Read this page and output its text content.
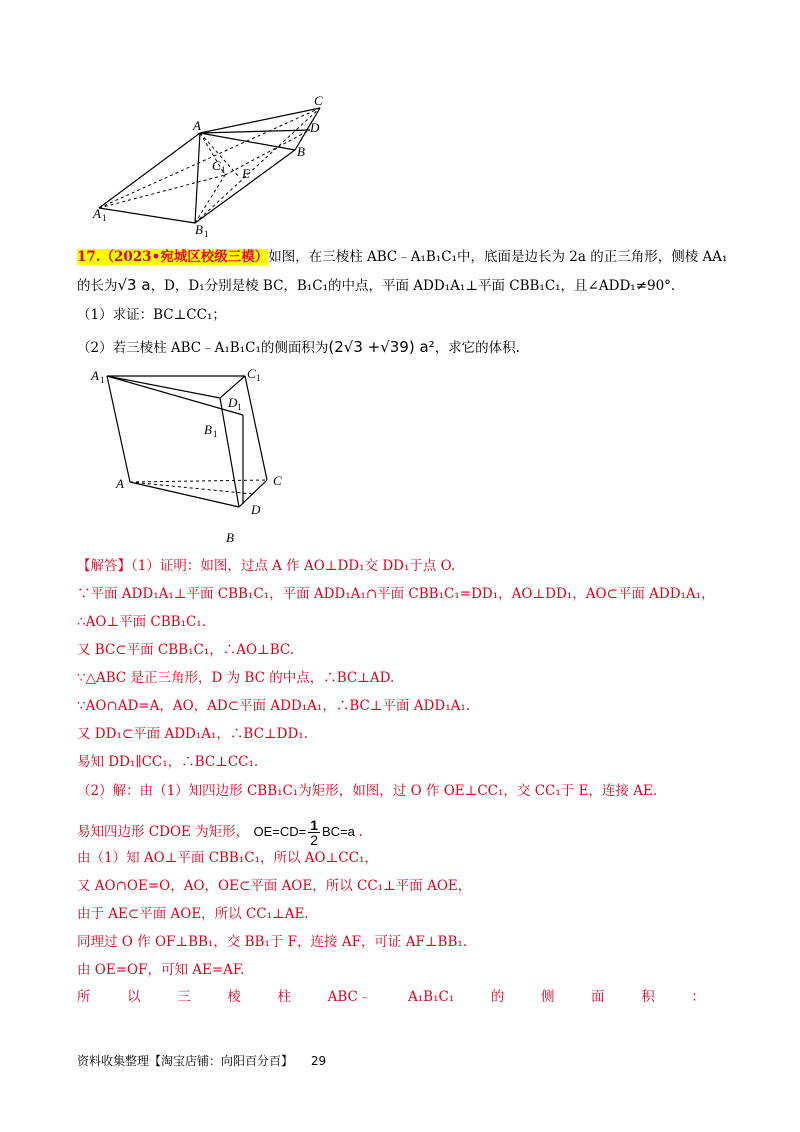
A
C
D
B
C 1 E
A 1
B 1
17.（2023•宛城区校级三模）如图，在三棱柱 ABC﹣A₁B₁C₁中，底面是边长为 2a 的正三角形，侧棱 AA₁
的长为√3 a，D，D₁分别是棱 BC，B₁C₁的中点，平面 ADD₁A₁⊥平面 CBB₁C₁，且∠ADD₁≠90°.
（1）求证：BC⊥CC₁；
（2）若三棱柱 ABC﹣A₁B₁C₁的侧面积为(2√3 +√39) a²，求它的体积.
A 1	C 1
D 1
B 1
A	C
D
B
【解答】（1）证明：如图，过点 A 作 AO⊥DD₁交 DD₁于点 O.
∵平面 ADD₁A₁⊥平面 CBB₁C₁，平面 ADD₁A₁∩平面 CBB₁C₁=DD₁，AO⊥DD₁，AO⊂平面 ADD₁A₁，
∴AO⊥平面 CBB₁C₁.
又 BC⊂平面 CBB₁C₁，∴AO⊥BC.
∵△ABC 是正三角形，D 为 BC 的中点，∴BC⊥AD.
∵AO∩AD=A，AO，AD⊂平面 ADD₁A₁，∴BC⊥平面 ADD₁A₁.
又 DD₁⊂平面 ADD₁A₁，∴BC⊥DD₁.
易知 DD₁∥CC₁，∴BC⊥CC₁.
（2）解：由（1）知四边形 CBB₁C₁为矩形，如图，过 O 作 OE⊥CC₁，交 CC₁于 E，连接 AE.
易知四边形 CDOE 为矩形， $OE=CD= \frac{1}{2} BC=a$ .
由（1）知 AO⊥平面 CBB₁C₁，所以 AO⊥CC₁，
又 AO∩OE=O，AO，OE⊂平面 AOE，所以 CC₁⊥平面 AOE，
由于 AE⊂平面 AOE，所以 CC₁⊥AE.
同理过 O 作 OF⊥BB₁，交 BB₁于 F，连接 AF，可证 AF⊥BB₁.
由 OE=OF，可知 AE=AF.
所	以	三	棱	柱	ABC﹣	A₁B₁C₁	的	侧	面	积	：
资料收集整理【淘宝店铺：向阳百分百】 29
